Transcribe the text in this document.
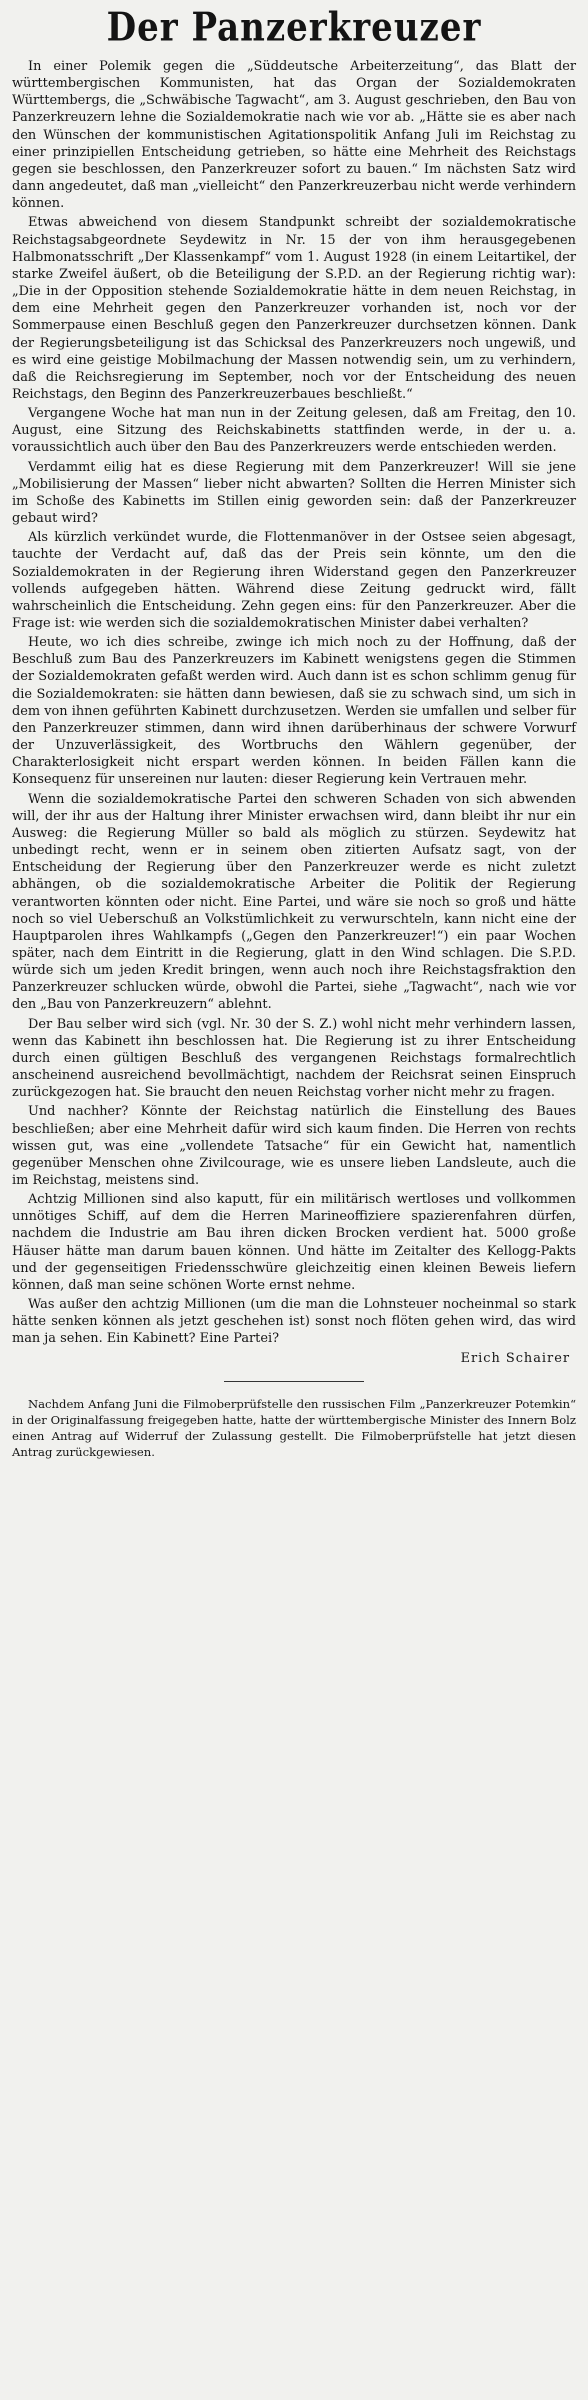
Der Panzerkreuzer

In einer Polemik gegen die „Süddeutsche Arbeiterzeitung“, das Blatt der württembergischen Kommunisten, hat das Organ der Sozialdemokraten Württembergs, die „Schwäbische Tagwacht“, am 3. August geschrieben, den Bau von Panzerkreuzern lehne die Sozialdemokratie nach wie vor ab. „Hätte sie es aber nach den Wünschen der kommunistischen Agitationspolitik Anfang Juli im Reichstag zu einer prinzipiellen Entscheidung getrieben, so hätte eine Mehrheit des Reichstags gegen sie beschlossen, den Panzerkreuzer sofort zu bauen.“ Im nächsten Satz wird dann angedeutet, daß man „vielleicht“ den Panzerkreuzerbau nicht werde verhindern können.

Etwas abweichend von diesem Standpunkt schreibt der sozialdemokratische Reichstagsabgeordnete Seydewitz in Nr. 15 der von ihm herausgegebenen Halbmonatsschrift „Der Klassenkampf“ vom 1. August 1928 (in einem Leitartikel, der starke Zweifel äußert, ob die Beteiligung der S.P.D. an der Regierung richtig war): „Die in der Opposition stehende Sozialdemokratie hätte in dem neuen Reichstag, in dem eine Mehrheit gegen den Panzerkreuzer vorhanden ist, noch vor der Sommerpause einen Beschluß gegen den Panzerkreuzer durchsetzen können. Dank der Regierungsbeteiligung ist das Schicksal des Panzerkreuzers noch ungewiß, und es wird eine geistige Mobilmachung der Massen notwendig sein, um zu verhindern, daß die Reichsregierung im September, noch vor der Entscheidung des neuen Reichstags, den Beginn des Panzerkreuzerbaues beschließt.“

Vergangene Woche hat man nun in der Zeitung gelesen, daß am Freitag, den 10. August, eine Sitzung des Reichskabinetts stattfinden werde, in der u. a. voraussichtlich auch über den Bau des Panzerkreuzers werde entschieden werden.

Verdammt eilig hat es diese Regierung mit dem Panzerkreuzer! Will sie jene „Mobilisierung der Massen“ lieber nicht abwarten? Sollten die Herren Minister sich im Schoße des Kabinetts im Stillen einig geworden sein: daß der Panzerkreuzer gebaut wird?

Als kürzlich verkündet wurde, die Flottenmanöver in der Ostsee seien abgesagt, tauchte der Verdacht auf, daß das der Preis sein könnte, um den die Sozialdemokraten in der Regierung ihren Widerstand gegen den Panzerkreuzer vollends aufgegeben hätten. Während diese Zeitung gedruckt wird, fällt wahrscheinlich die Entscheidung. Zehn gegen eins: für den Panzerkreuzer. Aber die Frage ist: wie werden sich die sozialdemokratischen Minister dabei verhalten?

Heute, wo ich dies schreibe, zwinge ich mich noch zu der Hoffnung, daß der Beschluß zum Bau des Panzerkreuzers im Kabinett wenigstens gegen die Stimmen der Sozialdemokraten gefaßt werden wird. Auch dann ist es schon schlimm genug für die Sozialdemokraten: sie hätten dann bewiesen, daß sie zu schwach sind, um sich in dem von ihnen geführten Kabinett durchzusetzen. Werden sie umfallen und selber für den Panzerkreuzer stimmen, dann wird ihnen darüberhinaus der schwere Vorwurf der Unzuverlässigkeit, des Wortbruchs den Wählern gegenüber, der Charakterlosigkeit nicht erspart werden können. In beiden Fällen kann die Konsequenz für unsereinen nur lauten: dieser Regierung kein Vertrauen mehr.

Wenn die sozialdemokratische Partei den schweren Schaden von sich abwenden will, der ihr aus der Haltung ihrer Minister erwachsen wird, dann bleibt ihr nur ein Ausweg: die Regierung Müller so bald als möglich zu stürzen. Seydewitz hat unbedingt recht, wenn er in seinem oben zitierten Aufsatz sagt, von der Entscheidung der Regierung über den Panzerkreuzer werde es nicht zuletzt abhängen, ob die sozialdemokratische Arbeiter die Politik der Regierung verantworten könnten oder nicht. Eine Partei, und wäre sie noch so groß und hätte noch so viel Ueberschuß an Volkstümlichkeit zu verwurschteln, kann nicht eine der Hauptparolen ihres Wahlkampfs („Gegen den Panzerkreuzer!“) ein paar Wochen später, nach dem Eintritt in die Regierung, glatt in den Wind schlagen. Die S.P.D. würde sich um jeden Kredit bringen, wenn auch noch ihre Reichstagsfraktion den Panzerkreuzer schlucken würde, obwohl die Partei, siehe „Tagwacht“, nach wie vor den „Bau von Panzerkreuzern“ ablehnt.

Der Bau selber wird sich (vgl. Nr. 30 der S. Z.) wohl nicht mehr verhindern lassen, wenn das Kabinett ihn beschlossen hat. Die Regierung ist zu ihrer Entscheidung durch einen gültigen Beschluß des vergangenen Reichstags formalrechtlich anscheinend ausreichend bevollmächtigt, nachdem der Reichsrat seinen Einspruch zurückgezogen hat. Sie braucht den neuen Reichstag vorher nicht mehr zu fragen.

Und nachher? Könnte der Reichstag natürlich die Einstellung des Baues beschließen; aber eine Mehrheit dafür wird sich kaum finden. Die Herren von rechts wissen gut, was eine „vollendete Tatsache“ für ein Gewicht hat, namentlich gegenüber Menschen ohne Zivilcourage, wie es unsere lieben Landsleute, auch die im Reichstag, meistens sind.

Achtzig Millionen sind also kaputt, für ein militärisch wertloses und vollkommen unnötiges Schiff, auf dem die Herren Marineoffiziere spazierenfahren dürfen, nachdem die Industrie am Bau ihren dicken Brocken verdient hat. 5000 große Häuser hätte man darum bauen können. Und hätte im Zeitalter des Kellogg-Pakts und der gegenseitigen Friedensschwüre gleichzeitig einen kleinen Beweis liefern können, daß man seine schönen Worte ernst nehme.

Was außer den achtzig Millionen (um die man die Lohnsteuer nocheinmal so stark hätte senken können als jetzt geschehen ist) sonst noch flöten gehen wird, das wird man ja sehen. Ein Kabinett? Eine Partei?

Erich Schairer

Nachdem Anfang Juni die Filmoberprüfstelle den russischen Film „Panzerkreuzer Potemkin“ in der Originalfassung freigegeben hatte, hatte der württembergische Minister des Innern Bolz einen Antrag auf Widerruf der Zulassung gestellt. Die Filmoberprüfstelle hat jetzt diesen Antrag zurückgewiesen.
